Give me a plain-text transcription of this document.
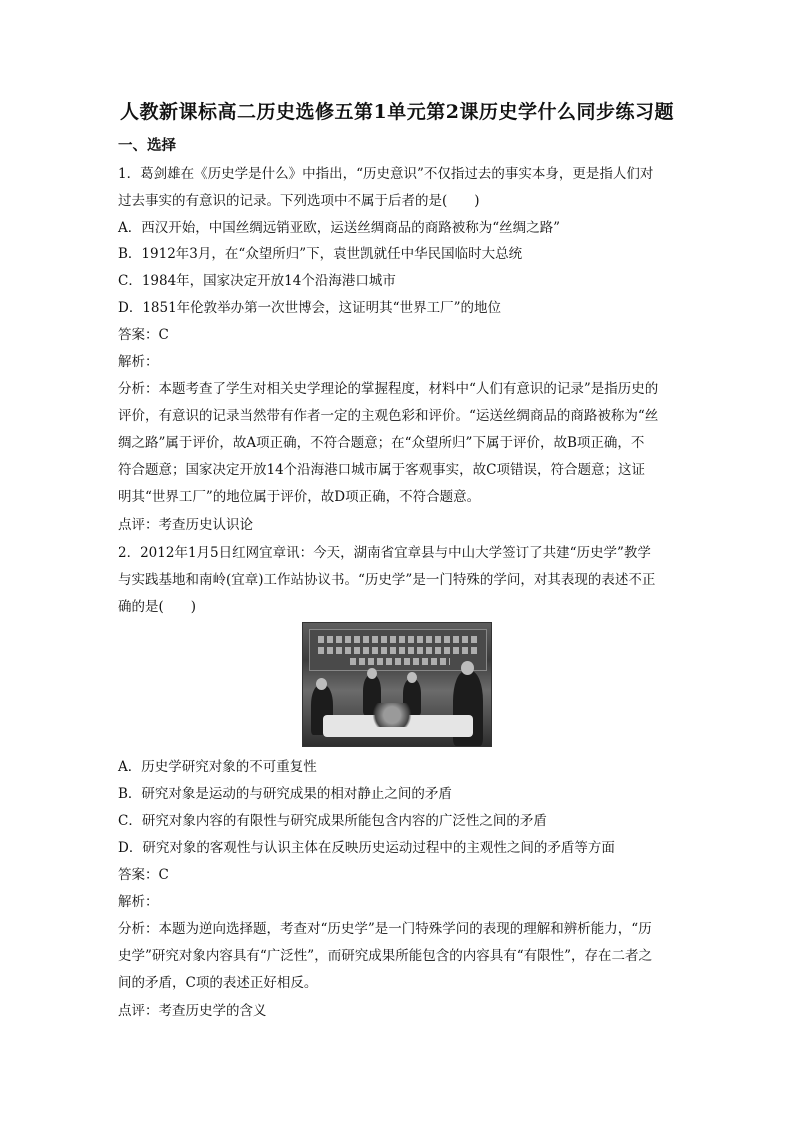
人教新课标高二历史选修五第1单元第2课历史学什么同步练习题
一、选择
1．葛剑雄在《历史学是什么》中指出，“历史意识”不仅指过去的事实本身，更是指人们对
过去事实的有意识的记录。下列选项中不属于后者的是(　　)
A．西汉开始，中国丝绸远销亚欧，运送丝绸商品的商路被称为“丝绸之路”
B．1912年3月，在“众望所归”下，袁世凯就任中华民国临时大总统
C．1984年，国家决定开放14个沿海港口城市
D．1851年伦敦举办第一次世博会，这证明其“世界工厂”的地位
答案：C
解析：
分析：本题考查了学生对相关史学理论的掌握程度，材料中“人们有意识的记录”是指历史的
评价，有意识的记录当然带有作者一定的主观色彩和评价。“运送丝绸商品的商路被称为“丝
绸之路”属于评价，故A项正确，不符合题意；在“众望所归”下属于评价，故B项正确，不
符合题意；国家决定开放14个沿海港口城市属于客观事实，故C项错误，符合题意；这证
明其“世界工厂”的地位属于评价，故D项正确，不符合题意。
点评：考查历史认识论
2．2012年1月5日红网宜章讯：今天，湖南省宜章县与中山大学签订了共建“历史学”教学
与实践基地和南岭(宜章)工作站协议书。“历史学”是一门特殊的学问，对其表现的表述不正
确的是(　　)
A．历史学研究对象的不可重复性
B．研究对象是运动的与研究成果的相对静止之间的矛盾
C．研究对象内容的有限性与研究成果所能包含内容的广泛性之间的矛盾
D．研究对象的客观性与认识主体在反映历史运动过程中的主观性之间的矛盾等方面
答案：C
解析：
分析：本题为逆向选择题，考查对“历史学”是一门特殊学问的表现的理解和辨析能力，“历
史学”研究对象内容具有“广泛性”，而研究成果所能包含的内容具有“有限性”，存在二者之
间的矛盾，C项的表述正好相反。
点评：考查历史学的含义
